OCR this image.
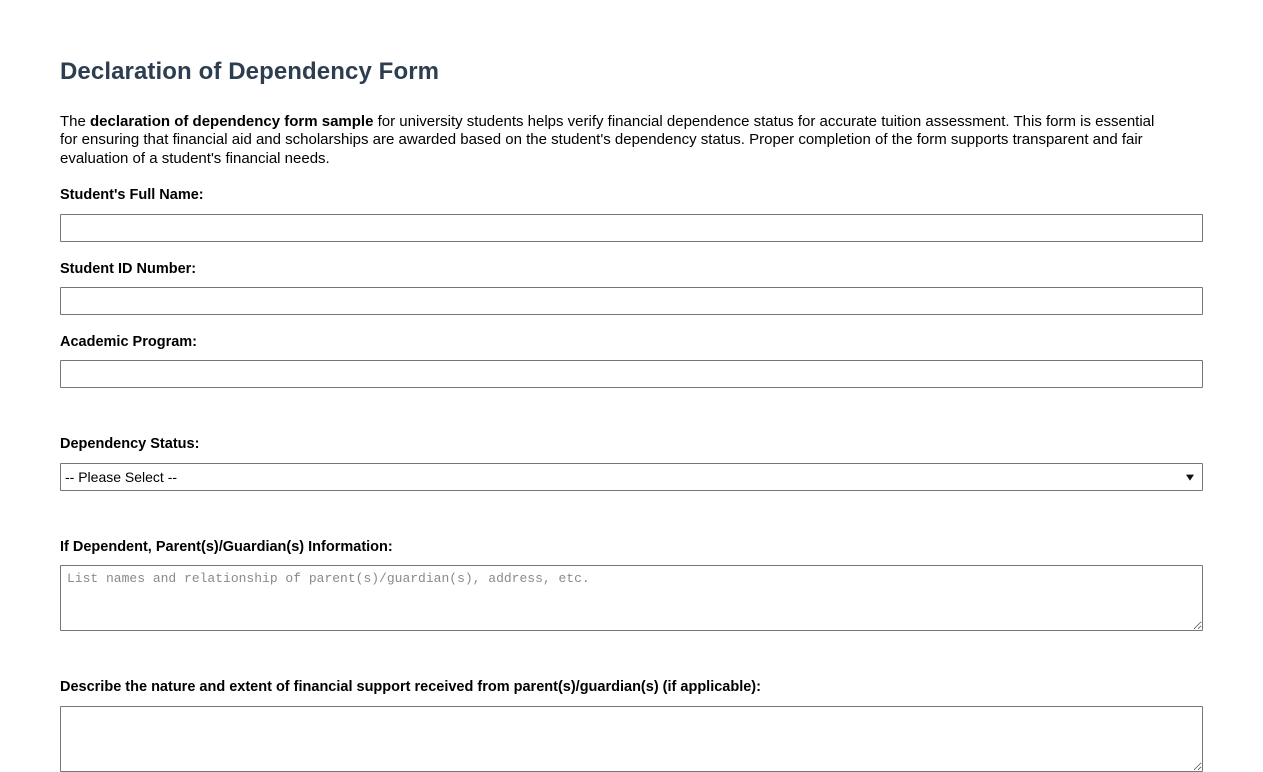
Declaration of Dependency Form

The declaration of dependency form sample for university students helps verify financial dependence status for accurate tuition assessment. This form is essential for ensuring that financial aid and scholarships are awarded based on the student's dependency status. Proper completion of the form supports transparent and fair evaluation of a student's financial needs.

Student's Full Name:
Student ID Number:
Academic Program:
Dependency Status:
-- Please Select --
If Dependent, Parent(s)/Guardian(s) Information:
List names and relationship of parent(s)/guardian(s), address, etc.
Describe the nature and extent of financial support received from parent(s)/guardian(s) (if applicable):
